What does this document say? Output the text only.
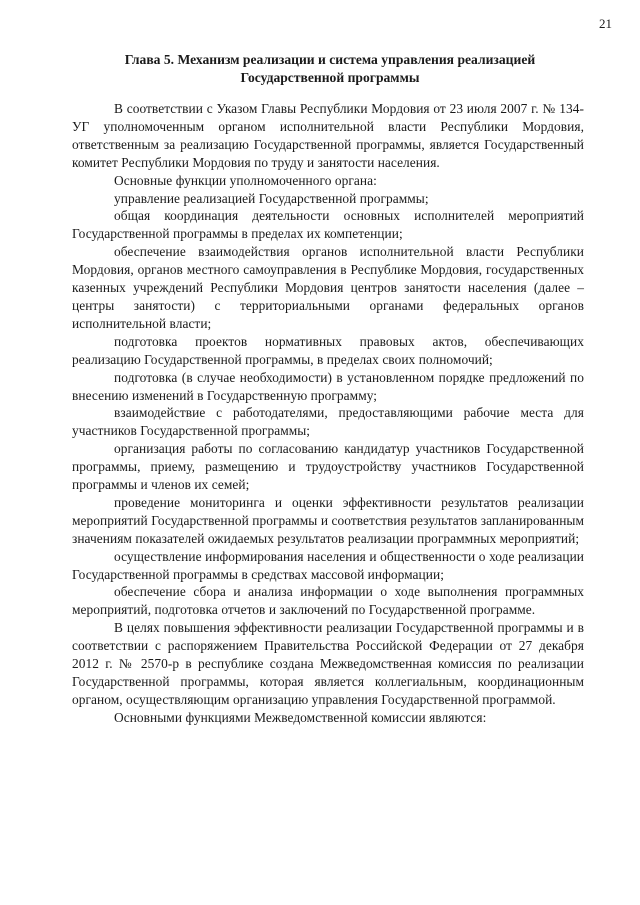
21
Глава 5. Механизм реализации и система управления реализацией
Государственной программы

В соответствии с Указом Главы Республики Мордовия от 23 июля 2007 г. № 134-УГ уполномоченным органом исполнительной власти Республики Мордовия, ответственным за реализацию Государственной программы, является Государственный комитет Республики Мордовия по труду и занятости населения.

Основные функции уполномоченного органа:

управление реализацией Государственной программы;

общая координация деятельности основных исполнителей мероприятий Государственной программы в пределах их компетенции;

обеспечение взаимодействия органов исполнительной власти Республики Мордовия, органов местного самоуправления в Республике Мордовия, государственных казенных учреждений Республики Мордовия центров занятости населения (далее – центры занятости) с территориальными органами федеральных органов исполнительной власти;

подготовка проектов нормативных правовых актов, обеспечивающих реализацию Государственной программы, в пределах своих полномочий;

подготовка (в случае необходимости) в установленном порядке предложений по внесению изменений в Государственную программу;

взаимодействие с работодателями, предоставляющими рабочие места для участников Государственной программы;

организация работы по согласованию кандидатур участников Государственной программы, приему, размещению и трудоустройству участников Государственной программы и членов их семей;

проведение мониторинга и оценки эффективности результатов реализации мероприятий Государственной программы и соответствия результатов запланированным значениям показателей ожидаемых результатов реализации программных мероприятий;

осуществление информирования населения и общественности о ходе реализации Государственной программы в средствах массовой информации;

обеспечение сбора и анализа информации о ходе выполнения программных мероприятий, подготовка отчетов и заключений по Государственной программе.

В целях повышения эффективности реализации Государственной программы и в соответствии с распоряжением Правительства Российской Федерации от 27 декабря 2012 г. № 2570-р в республике создана Межведомственная комиссия по реализации Государственной программы, которая является коллегиальным, координационным органом, осуществляющим организацию управления Государственной программой.

Основными функциями Межведомственной комиссии являются:
